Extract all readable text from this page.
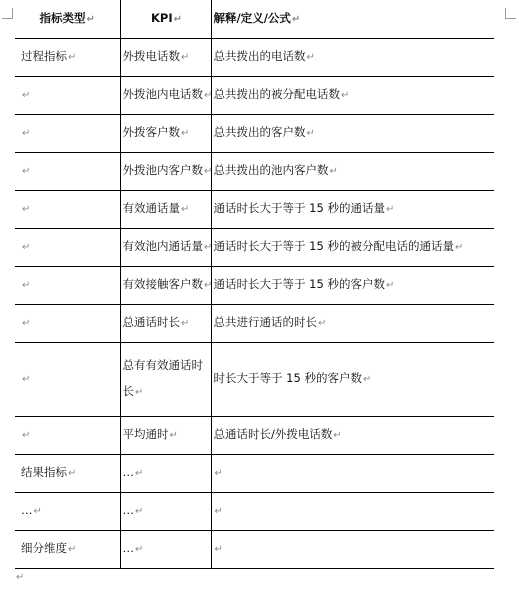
指标类型↵	KPI↵	解释/定义/公式↵
过程指标↵	外拨电话数↵	总共拨出的电话数↵
↵	外拨池内电话数↵	总共拨出的被分配电话数↵
↵	外拨客户数↵	总共拨出的客户数↵
↵	外拨池内客户数↵	总共拨出的池内客户数↵
↵	有效通话量↵	通话时长大于等于 15 秒的通话量↵
↵	有效池内通话量↵	通话时长大于等于 15 秒的被分配电话的通话量↵
↵	有效接触客户数↵	通话时长大于等于 15 秒的客户数↵
↵	总通话时长↵	总共进行通话的时长↵
↵	总有有效通话时长↵	时长大于等于 15 秒的客户数↵
↵	平均通时↵	总通话时长/外拨电话数↵
结果指标↵	…↵	↵
…↵	…↵	↵
细分维度↵	…↵	↵
↵
